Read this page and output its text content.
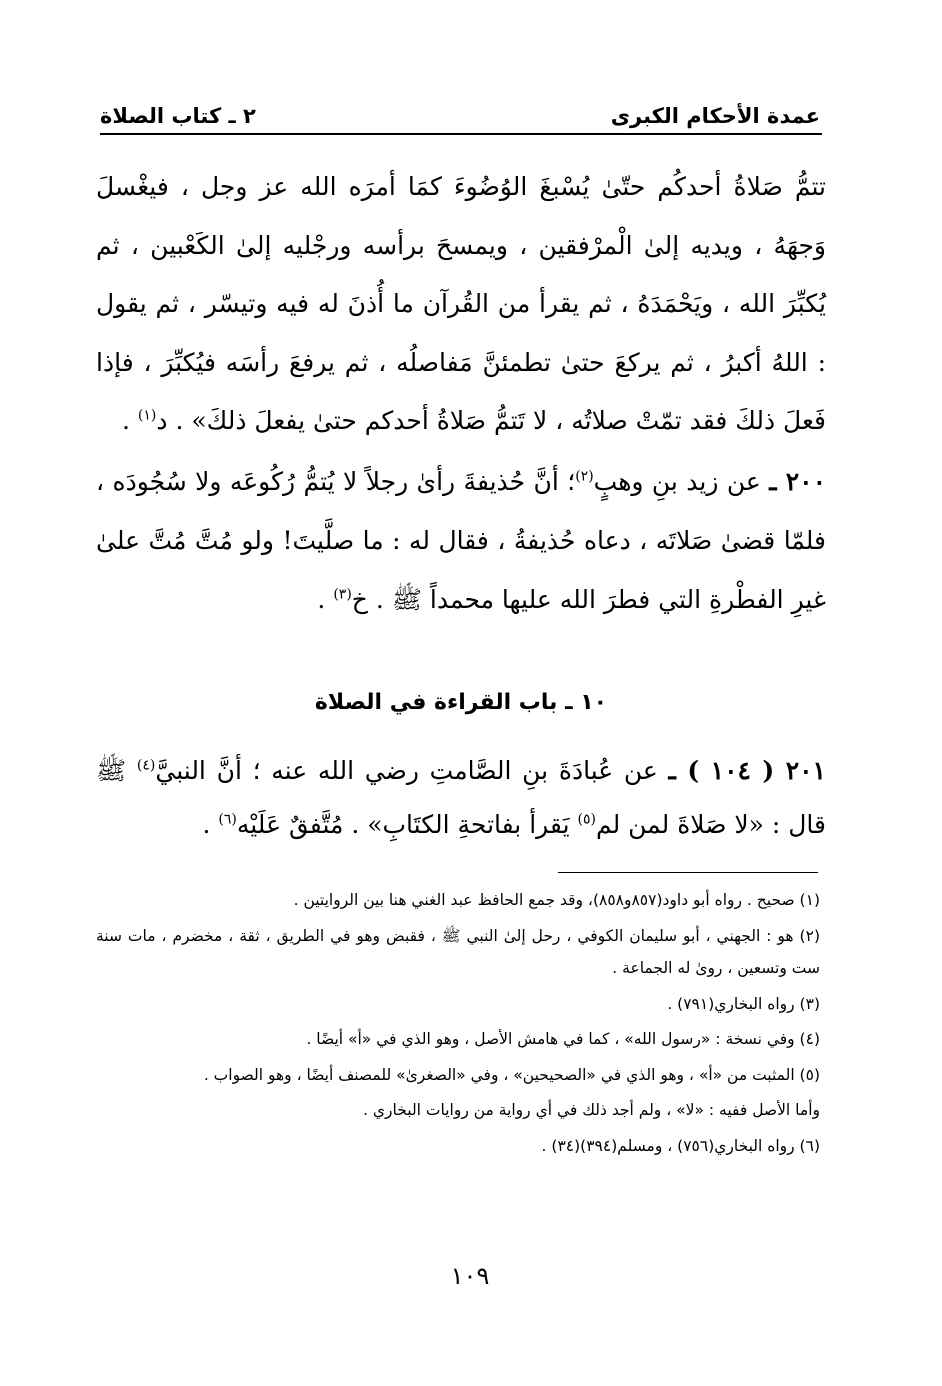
عمدة الأحكام الكبرى
٢ ـ كتاب الصلاة
تتمُّ صَلاةُ أحدكُم حتّىٰ يُسْبغَ الوُضُوءَ كمَا أمرَه الله عز وجل ، فيغْسلَ وَجهَهُ ، ويديه إلىٰ الْمرْفقين ، ويمسحَ برأسه ورجْليه إلىٰ الكَعْبين ، ثم يُكبِّرَ الله ، ويَحْمَدَهُ ، ثم يقرأ من القُرآن ما أُذنَ له فيه وتيسّر ، ثم يقول : اللهُ أكبرُ ، ثم يركعَ حتىٰ تطمئنَّ مَفاصلُه ، ثم يرفعَ رأسَه فيُكبِّرَ ، فإذا فَعلَ ذلكَ فقد تمّتْ صلاتُه ، لا تَتمُّ صَلاةُ أحدكم حتىٰ يفعلَ ذلكَ» . د$^{(١)}$ .
٢٠٠ ـ عن زيد بنِ وهبٍ$^{(٢)}$؛ أنَّ حُذيفةَ رأىٰ رجلاً لا يُتمُّ رُكُوعَه ولا سُجُودَه ، فلمّا قضىٰ صَلاتَه ، دعاه حُذيفةُ ، فقال له : ما صلَّيتَ! ولو مُتَّ مُتَّ علىٰ غيرِ الفطْرةِ التي فطرَ الله عليها محمداً ﷺ . خ$^{(٣)}$ .
١٠ ـ باب القراءة في الصلاة
٢٠١ ( ١٠٤ ) ـ عن عُبادَةَ بنِ الصَّامتِ رضي الله عنه ؛ أنَّ النبيَّ$^{(٤)}$ ﷺ قال : «لا صَلاةَ لمن لم$^{(٥)}$ يَقرأ بفاتحةِ الكتَابِ» . مُتَّفقٌ عَلَيْه$^{(٦)}$ .

(١) صحيح . رواه أبو داود(٨٥٧و٨٥٨)، وقد جمع الحافظ عبد الغني هنا بين الروايتين .

(٢) هو : الجهني ، أبو سليمان الكوفي ، رحل إلىٰ النبي ﷺ ، فقبض وهو في الطريق ، ثقة ، مخضرم ، مات سنة ست وتسعين ، روىٰ له الجماعة .

(٣) رواه البخاري(٧٩١) .

(٤) وفي نسخة : «رسول الله» ، كما في هامش الأصل ، وهو الذي في «أ» أيضًا .

(٥) المثبت من «أ» ، وهو الذي في «الصحيحين» ، وفي «الصغرىٰ» للمصنف أيضًا ، وهو الصواب .

وأما الأصل ففيه : «لا» ، ولم أجد ذلك في أي رواية من روايات البخاري .

(٦) رواه البخاري(٧٥٦) ، ومسلم(٣٩٤)(٣٤) .

١٠٩
